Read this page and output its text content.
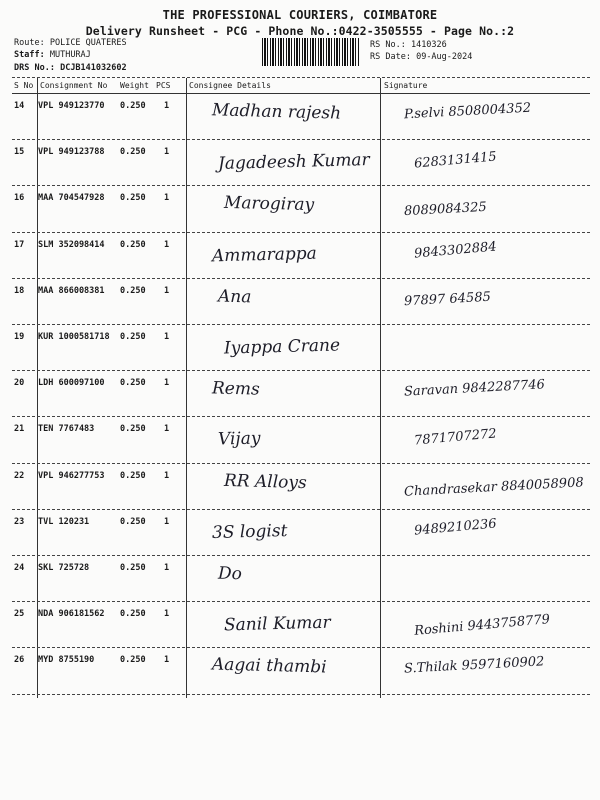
THE PROFESSIONAL COURIERS, COIMBATORE
Delivery Runsheet - PCG - Phone No.:0422-3505555 - Page No.:2
Route: POLICE QUATERES
Staff: MUTHURAJ
DRS No.: DCJB141032602
RS No.: 1410326
RS Date: 09-Aug-2024
S No Consignment No Weight PCS Consignee Details	Signature
14 VPL 949123770 0.250 1	Madhan rajesh	P.selvi 8508004352
15 VPL 949123788 0.250 1	Jagadeesh Kumar	6283131415
16 MAA 704547928 0.250 1	Marogiray	8089084325
17 SLM 352098414 0.250 1	Ammarappa	9843302884
18 MAA 866008381 0.250 1	Ana	97897 64585
19 KUR 1000581718 0.250 1	Iyappa Crane
20 LDH 600097100 0.250 1	Rems	Saravan 9842287746
21 TEN 7767483	0.250 1	Vijay	7871707272
22 VPL 946277753 0.250 1	RR Alloys	Chandrasekar 8840058908
23 TVL 120231	0.250 1	3S logist	9489210236
24 SKL 725728	0.250 1	Do
25 NDA 906181562 0.250 1	Sanil Kumar	Roshini 9443758779
26 MYD 8755190	0.250 1	Aagai thambi	S.Thilak 9597160902
